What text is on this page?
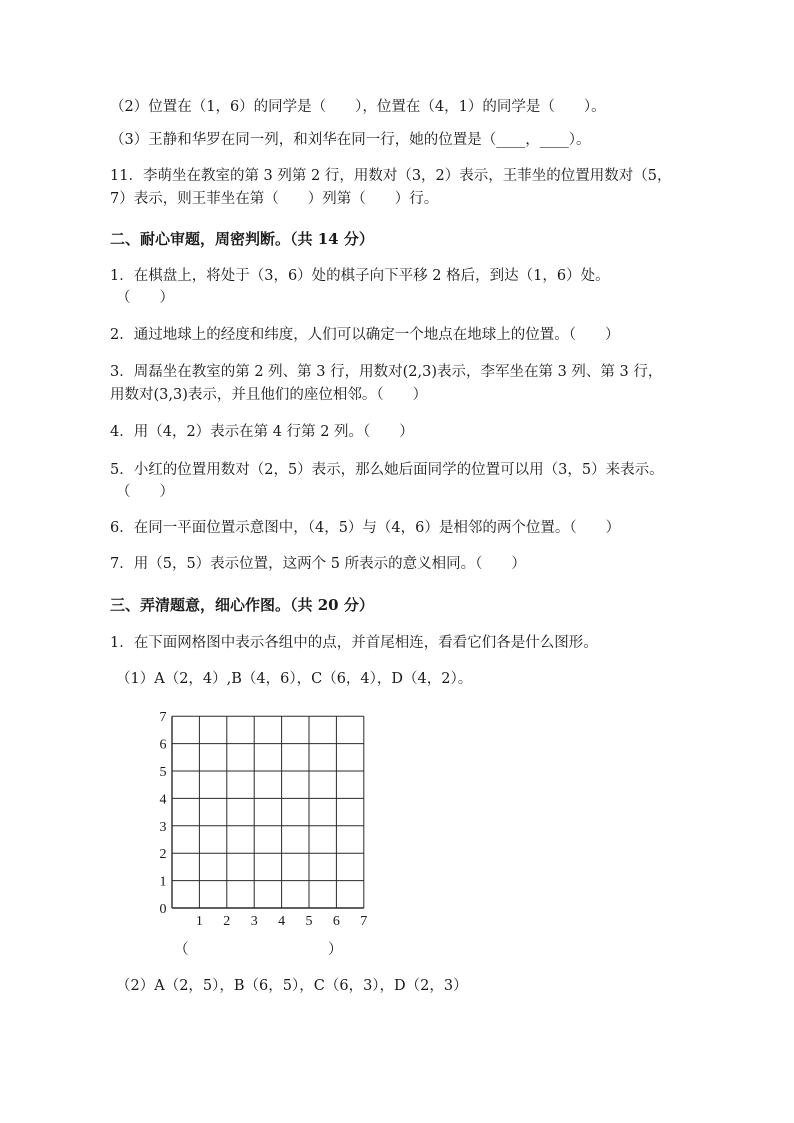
（2）位置在（1，6）的同学是（　　），位置在（4，1）的同学是（　　）。
（3）王静和华罗在同一列，和刘华在同一行，她的位置是（____，____）。
11．李萌坐在教室的第 3 列第 2 行，用数对（3，2）表示，王菲坐的位置用数对（5，
7）表示，则王菲坐在第（　　）列第（　　）行。
二、耐心审题，周密判断。（共 14 分）
1．在棋盘上，将处于（3，6）处的棋子向下平移 2 格后，到达（1，6）处。
（　　）
2．通过地球上的经度和纬度，人们可以确定一个地点在地球上的位置。（　　）
3．周磊坐在教室的第 2 列、第 3 行，用数对(2,3)表示，李军坐在第 3 列、第 3 行，
用数对(3,3)表示，并且他们的座位相邻。（　　）
4．用（4，2）表示在第 4 行第 2 列。（　　）
5．小红的位置用数对（2，5）表示，那么她后面同学的位置可以用（3，5）来表示。
（　　）
6．在同一平面位置示意图中，（4，5）与（4，6）是相邻的两个位置。（　　）
7．用（5，5）表示位置，这两个 5 所表示的意义相同。（　　）
三、弄清题意，细心作图。（共 20 分）
1．在下面网格图中表示各组中的点，并首尾相连，看看它们各是什么图形。
（1）A（2，4）,B（4，6），C（6，4），D（4，2）。
1 2 3 4 5 6 7
0
1
2
3
4
5
6
7
（	）
（2）A（2，5），B（6，5），C（6，3），D（2，3）
